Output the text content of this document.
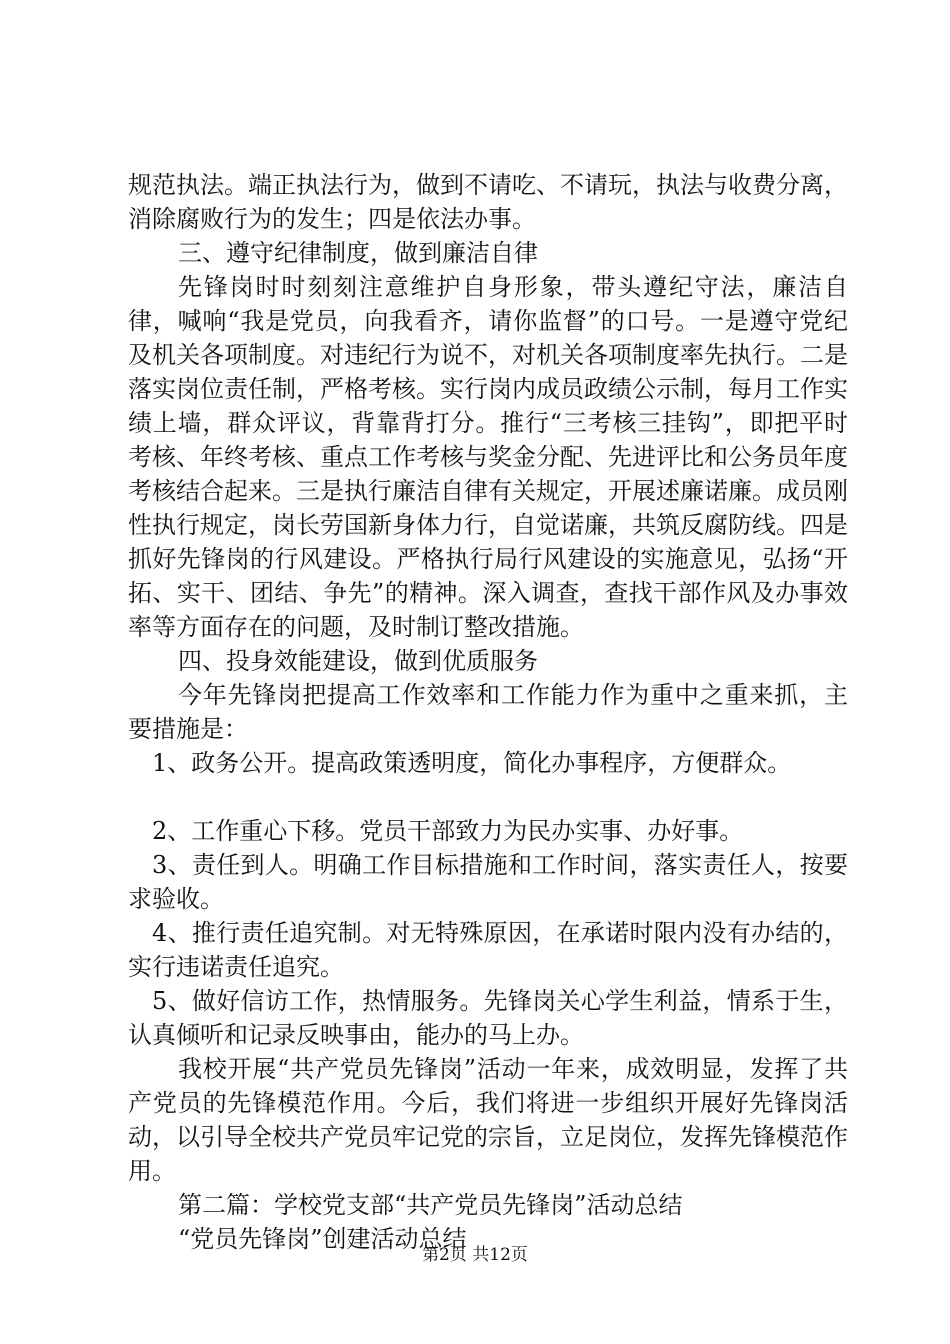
规范执法。端正执法行为，做到不请吃、不请玩，执法与收费分离，消除腐败行为的发生；四是依法办事。

三、遵守纪律制度，做到廉洁自律

先锋岗时时刻刻注意维护自身形象，带头遵纪守法，廉洁自律，喊响“我是党员，向我看齐，请你监督”的口号。一是遵守党纪及机关各项制度。对违纪行为说不，对机关各项制度率先执行。二是落实岗位责任制，严格考核。实行岗内成员政绩公示制，每月工作实绩上墙，群众评议，背靠背打分。推行“三考核三挂钩”，即把平时考核、年终考核、重点工作考核与奖金分配、先进评比和公务员年度考核结合起来。三是执行廉洁自律有关规定，开展述廉诺廉。成员刚性执行规定，岗长劳国新身体力行，自觉诺廉，共筑反腐防线。四是抓好先锋岗的行风建设。严格执行局行风建设的实施意见，弘扬“开拓、实干、团结、争先”的精神。深入调查，查找干部作风及办事效率等方面存在的问题，及时制订整改措施。

四、投身效能建设，做到优质服务

今年先锋岗把提高工作效率和工作能力作为重中之重来抓，主要措施是：

1、政务公开。提高政策透明度，简化办事程序，方便群众。

2、工作重心下移。党员干部致力为民办实事、办好事。

3、责任到人。明确工作目标措施和工作时间，落实责任人，按要求验收。

4、推行责任追究制。对无特殊原因，在承诺时限内没有办结的，实行违诺责任追究。

5、做好信访工作，热情服务。先锋岗关心学生利益，情系于生，认真倾听和记录反映事由，能办的马上办。

我校开展“共产党员先锋岗”活动一年来，成效明显，发挥了共产党员的先锋模范作用。今后，我们将进一步组织开展好先锋岗活动，以引导全校共产党员牢记党的宗旨，立足岗位，发挥先锋模范作用。

第二篇：学校党支部“共产党员先锋岗”活动总结

“党员先锋岗”创建活动总结

第2页 共12页
